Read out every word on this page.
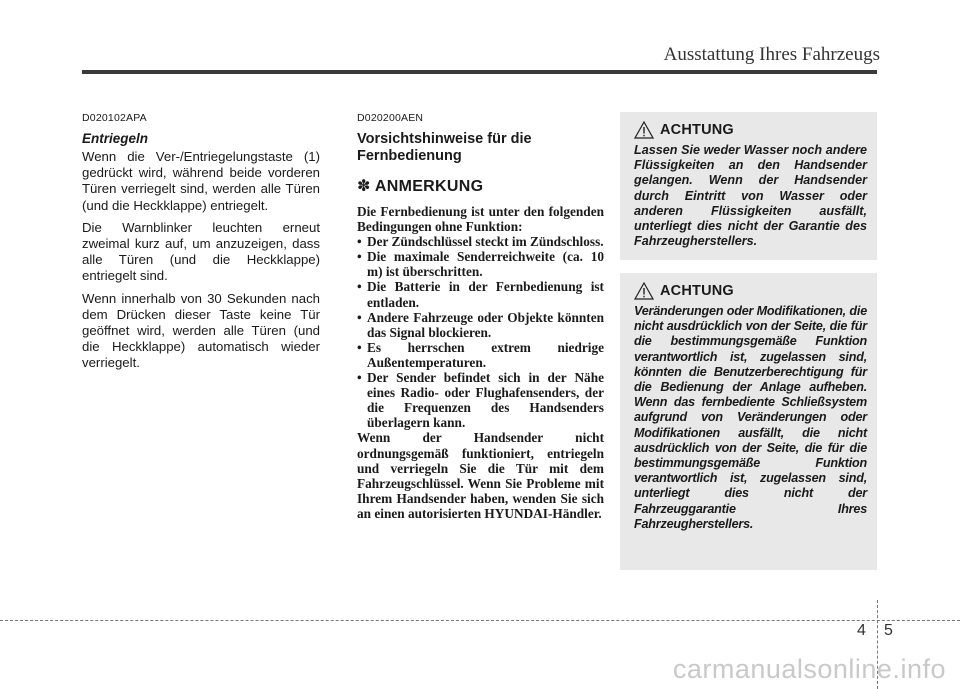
Ausstattung Ihres Fahrzeugs
D020102APA
Entriegeln

Wenn die Ver-/Entriegelungstaste (1) gedrückt wird, während beide vorderen Türen verriegelt sind, werden alle Türen (und die Heckklappe) entriegelt.

Die Warnblinker leuchten erneut zweimal kurz auf, um anzuzeigen, dass alle Türen (und die Heckklappe) entriegelt sind.

Wenn innerhalb von 30 Sekunden nach dem Drücken dieser Taste keine Tür geöffnet wird, werden alle Türen (und die Heckklappe) automatisch wieder verriegelt.

D020200AEN
Vorsichtshinweise für die Fernbedienung
✽ ANMERKUNG

Die Fernbedienung ist unter den folgenden Bedingungen ohne Funktion:

• Der Zündschlüssel steckt im Zündschloss.
• Die maximale Senderreichweite (ca. 10 m) ist überschritten.
• Die Batterie in der Fernbedienung ist entladen.
• Andere Fahrzeuge oder Objekte könnten das Signal blockieren.
• Es herrschen extrem niedrige Außentemperaturen.
• Der Sender befindet sich in der Nähe eines Radio- oder Flughafensenders, der die Frequenzen des Handsenders überlagern kann.

Wenn der Handsender nicht ordnungsgemäß funktioniert, entriegeln und verriegeln Sie die Tür mit dem Fahrzeugschlüssel. Wenn Sie Probleme mit Ihrem Handsender haben, wenden Sie sich an einen autorisierten HYUNDAI-Händler.

ACHTUNG

Lassen Sie weder Wasser noch andere Flüssigkeiten an den Handsender gelangen. Wenn der Handsender durch Eintritt von Wasser oder anderen Flüssigkeiten ausfällt, unterliegt dies nicht der Garantie des Fahrzeugherstellers.

ACHTUNG

Veränderungen oder Modifikationen, die nicht ausdrücklich von der Seite, die für die bestimmungsgemäße Funktion verantwortlich ist, zugelassen sind, könnten die Benutzerberechtigung für die Bedienung der Anlage aufheben. Wenn das fernbediente Schließsystem aufgrund von Veränderungen oder Modifikationen ausfällt, die nicht ausdrücklich von der Seite, die für die bestimmungsgemäße Funktion verantwortlich ist, zugelassen sind, unterliegt dies nicht der Fahrzeuggarantie Ihres Fahrzeugherstellers.

4 5
carmanualsonline.info
